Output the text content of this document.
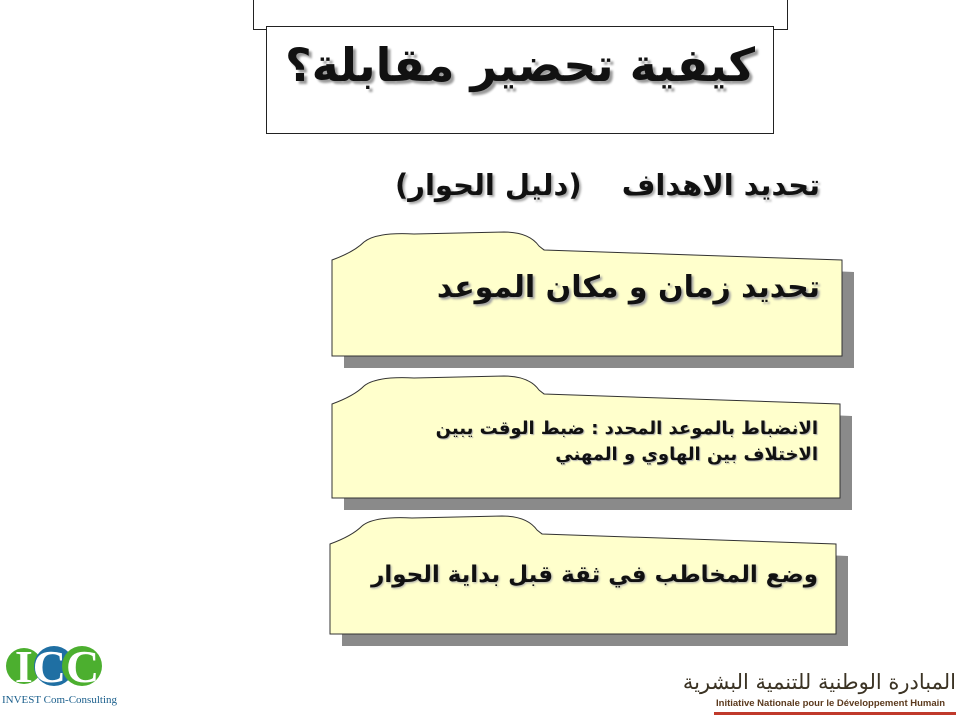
كيفية تحضير مقابلة؟
تحديد الاهداف(دليل الحوار)
تحديد زمان و مكان الموعد
الانضباط بالموعد المحدد : ضبط الوقت يبين
الاختلاف بين الهاوي و المهني
وضع المخاطب في ثقة قبل بداية الحوار
ICC
INVEST Com-Consulting
المبادرة الوطنية للتنمية البشرية
Initiative Nationale pour le Développement Humain
